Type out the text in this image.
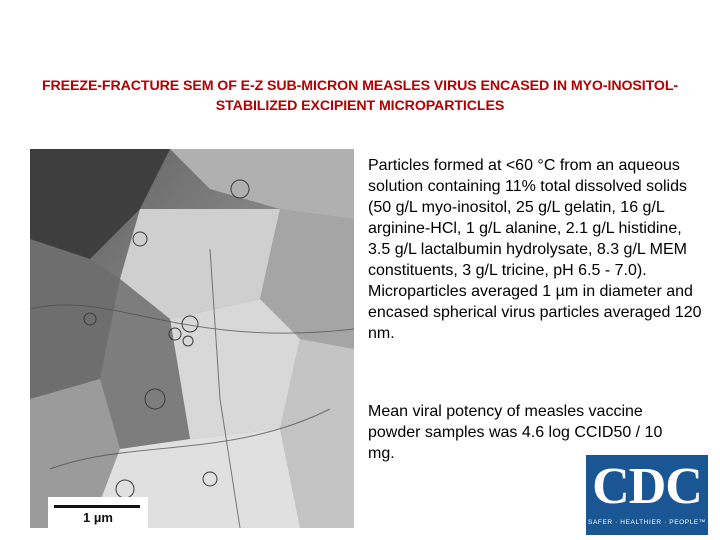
FREEZE-FRACTURE SEM OF E-Z SUB-MICRON MEASLES VIRUS ENCASED IN MYO-INOSITOL-STABILIZED EXCIPIENT MICROPARTICLES
1 µm
Particles formed at <60 °C from an aqueous solution containing 11% total dissolved solids (50 g/L myo-inositol, 25 g/L gelatin, 16 g/L arginine-HCl, 1 g/L alanine, 2.1 g/L histidine, 3.5 g/L lactalbumin hydrolysate, 8.3 g/L MEM constituents, 3 g/L tricine, pH 6.5 - 7.0). Microparticles averaged 1 µm in diameter and encased spherical virus particles averaged 120 nm.
Mean viral potency of measles vaccine powder samples was 4.6 log CCID50 / 10 mg.
CDC
SAFER · HEALTHIER · PEOPLE™
